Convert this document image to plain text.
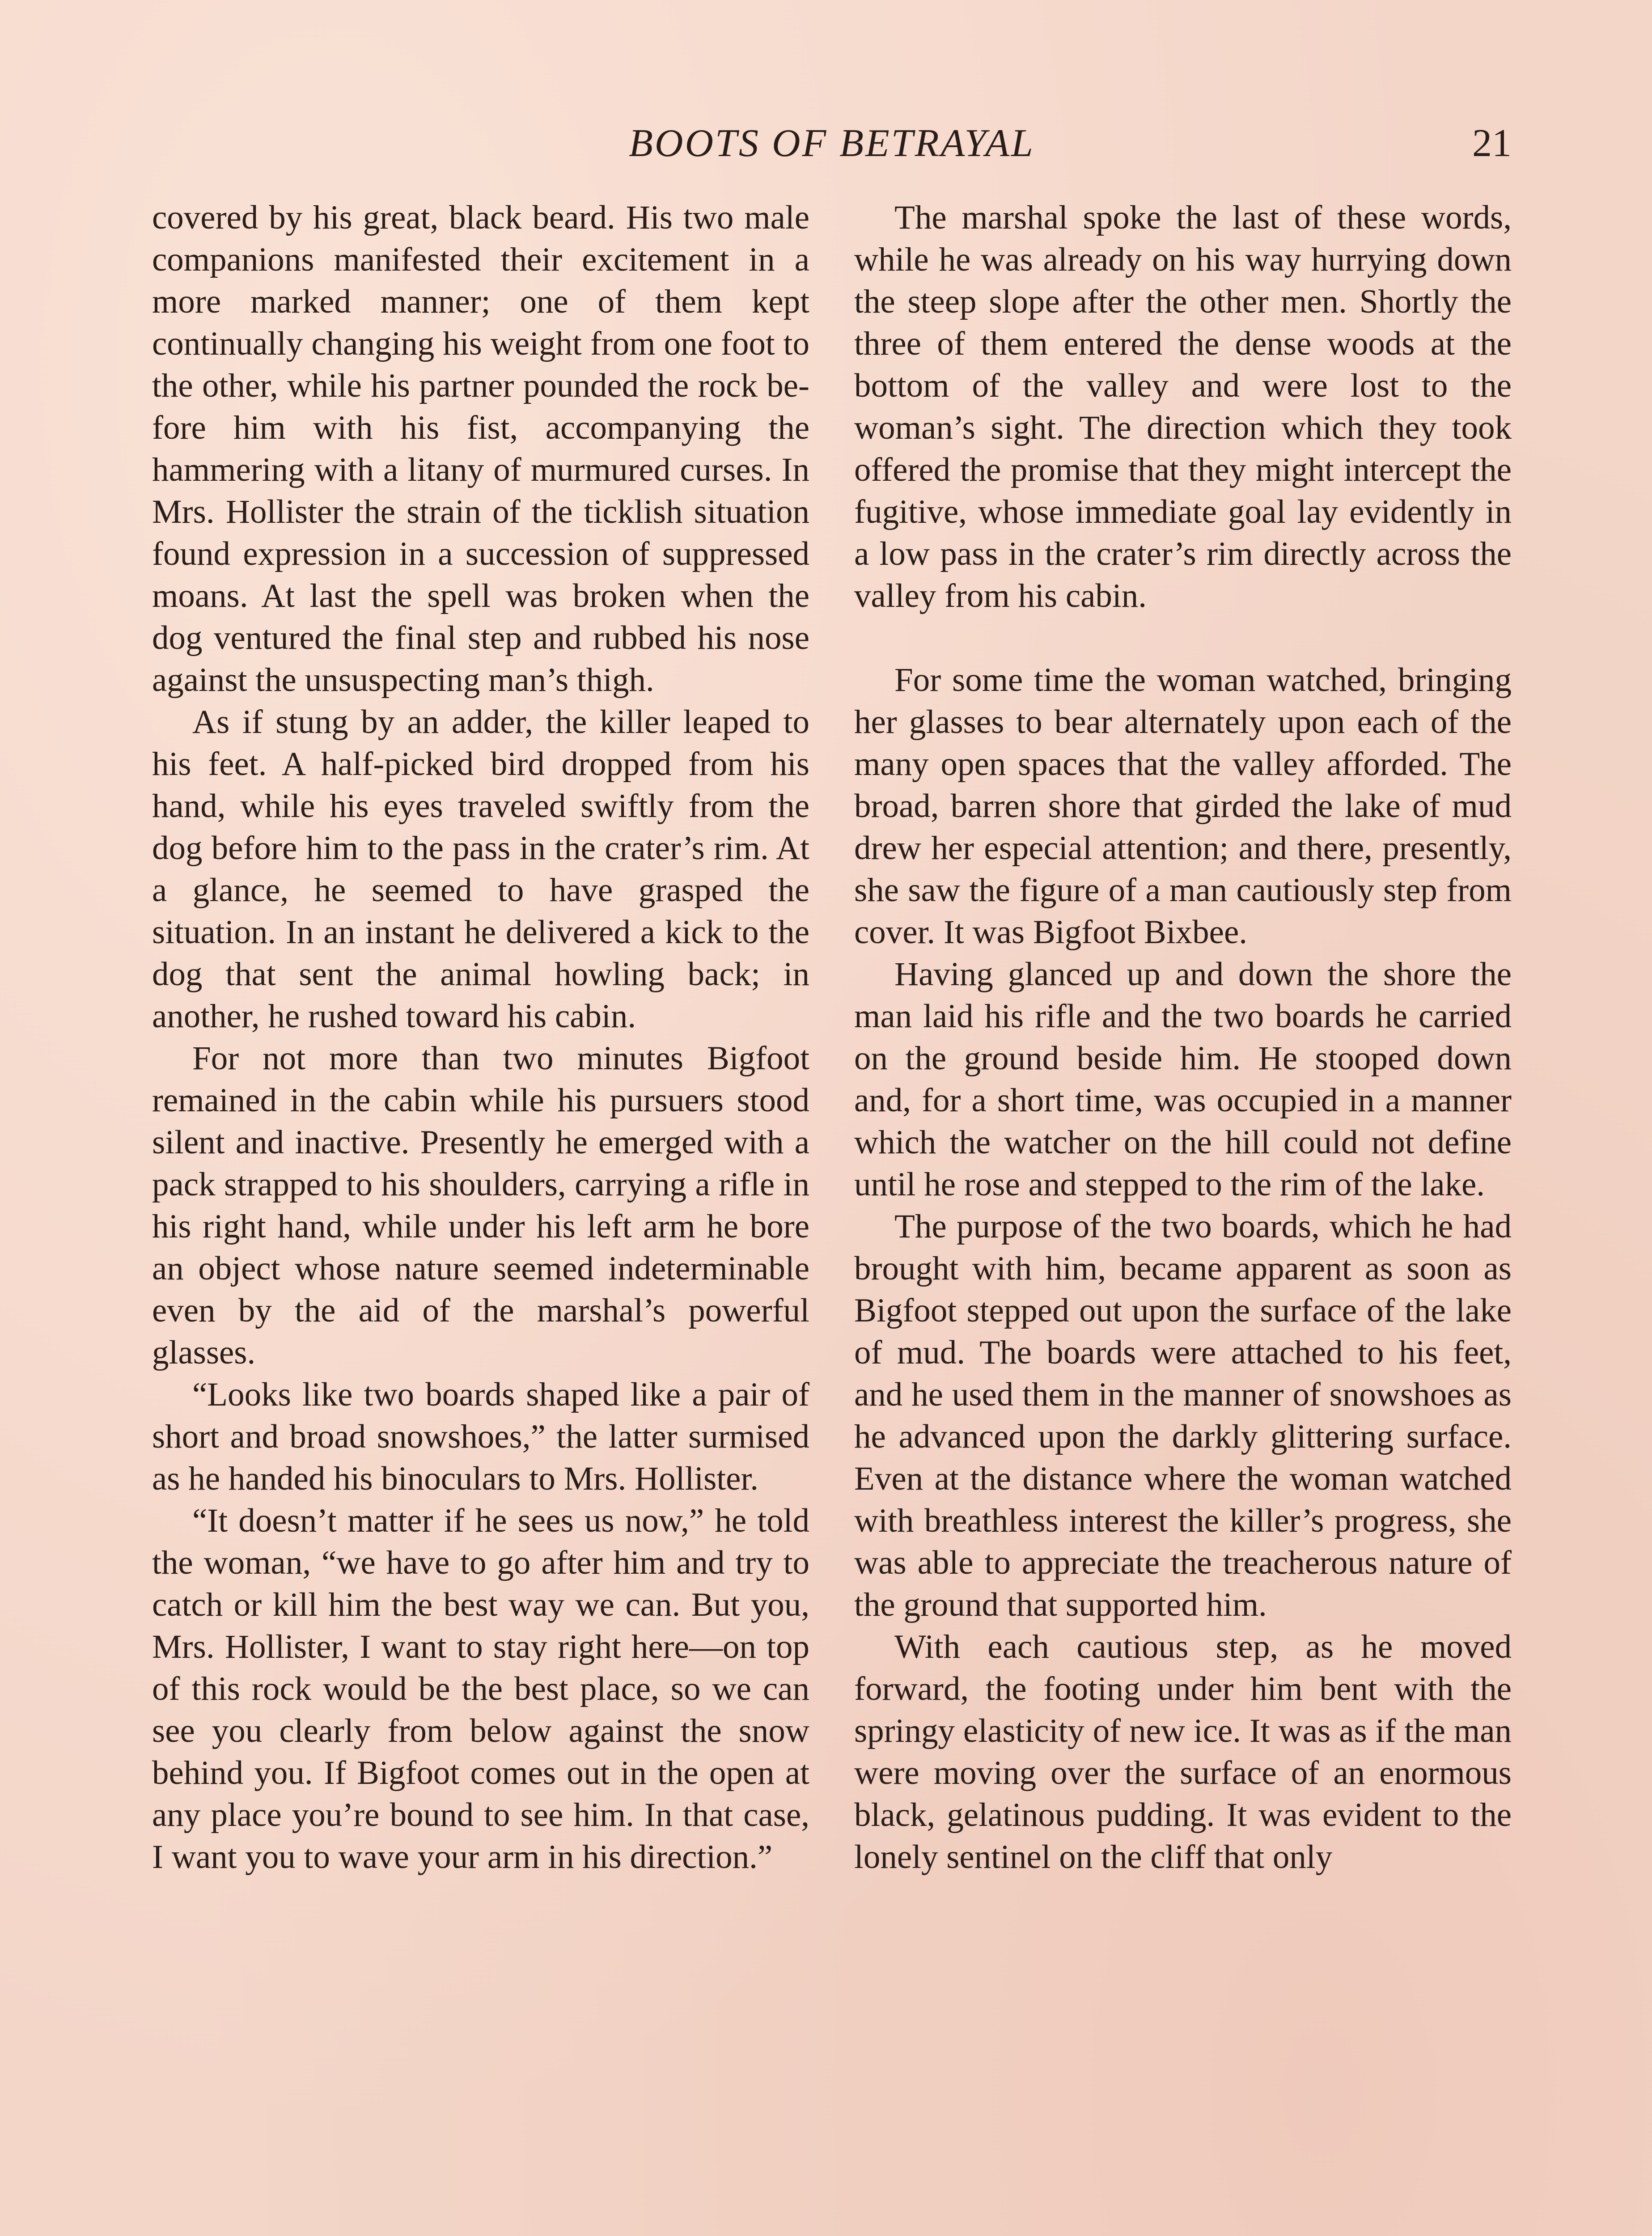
BOOTS OF BETRAYAL	21

covered by his great, black beard. His two male companions manifested their excitement in a more marked manner; one of them kept continually changing his weight from one foot to the other, while his partner pounded the rock before him with his fist, accompanying the hammering with a litany of murmured curses. In Mrs. Hollister the strain of the ticklish situation found expression in a succession of suppressed moans. At last the spell was broken when the dog ventured the final step and rubbed his nose against the unsuspecting man’s thigh.

As if stung by an adder, the killer leaped to his feet. A half-picked bird dropped from his hand, while his eyes traveled swiftly from the dog before him to the pass in the crater’s rim. At a glance, he seemed to have grasped the situation. In an instant he delivered a kick to the dog that sent the animal howling back; in another, he rushed toward his cabin.

For not more than two minutes Bigfoot remained in the cabin while his pursuers stood silent and inactive. Presently he emerged with a pack strapped to his shoulders, carrying a rifle in his right hand, while under his left arm he bore an object whose nature seemed indeterminable even by the aid of the marshal’s powerful glasses.

“Looks like two boards shaped like a pair of short and broad snowshoes,” the latter surmised as he handed his binoculars to Mrs. Hollister.

“It doesn’t matter if he sees us now,” he told the woman, “we have to go after him and try to catch or kill him the best way we can. But you, Mrs. Hollister, I want to stay right here—on top of this rock would be the best place, so we can see you clearly from below against the snow behind you. If Bigfoot comes out in the open at any place you’re bound to see him. In that case, I want you to wave your arm in his direction.”

The marshal spoke the last of these words, while he was already on his way hurrying down the steep slope after the other men. Shortly the three of them entered the dense woods at the bottom of the valley and were lost to the woman’s sight. The direction which they took offered the promise that they might intercept the fugitive, whose immediate goal lay evidently in a low pass in the crater’s rim directly across the valley from his cabin.

For some time the woman watched, bringing her glasses to bear alternately upon each of the many open spaces that the valley afforded. The broad, barren shore that girded the lake of mud drew her especial attention; and there, presently, she saw the figure of a man cautiously step from cover. It was Bigfoot Bixbee.

Having glanced up and down the shore the man laid his rifle and the two boards he carried on the ground beside him. He stooped down and, for a short time, was occupied in a manner which the watcher on the hill could not define until he rose and stepped to the rim of the lake.

The purpose of the two boards, which he had brought with him, became apparent as soon as Bigfoot stepped out upon the surface of the lake of mud. The boards were attached to his feet, and he used them in the manner of snowshoes as he advanced upon the darkly glittering surface. Even at the distance where the woman watched with breathless interest the killer’s progress, she was able to appreciate the treacherous nature of the ground that supported him.

With each cautious step, as he moved forward, the footing under him bent with the springy elasticity of new ice. It was as if the man were moving over the surface of an enormous black, gelatinous pudding. It was evident to the lonely sentinel on the cliff that only
